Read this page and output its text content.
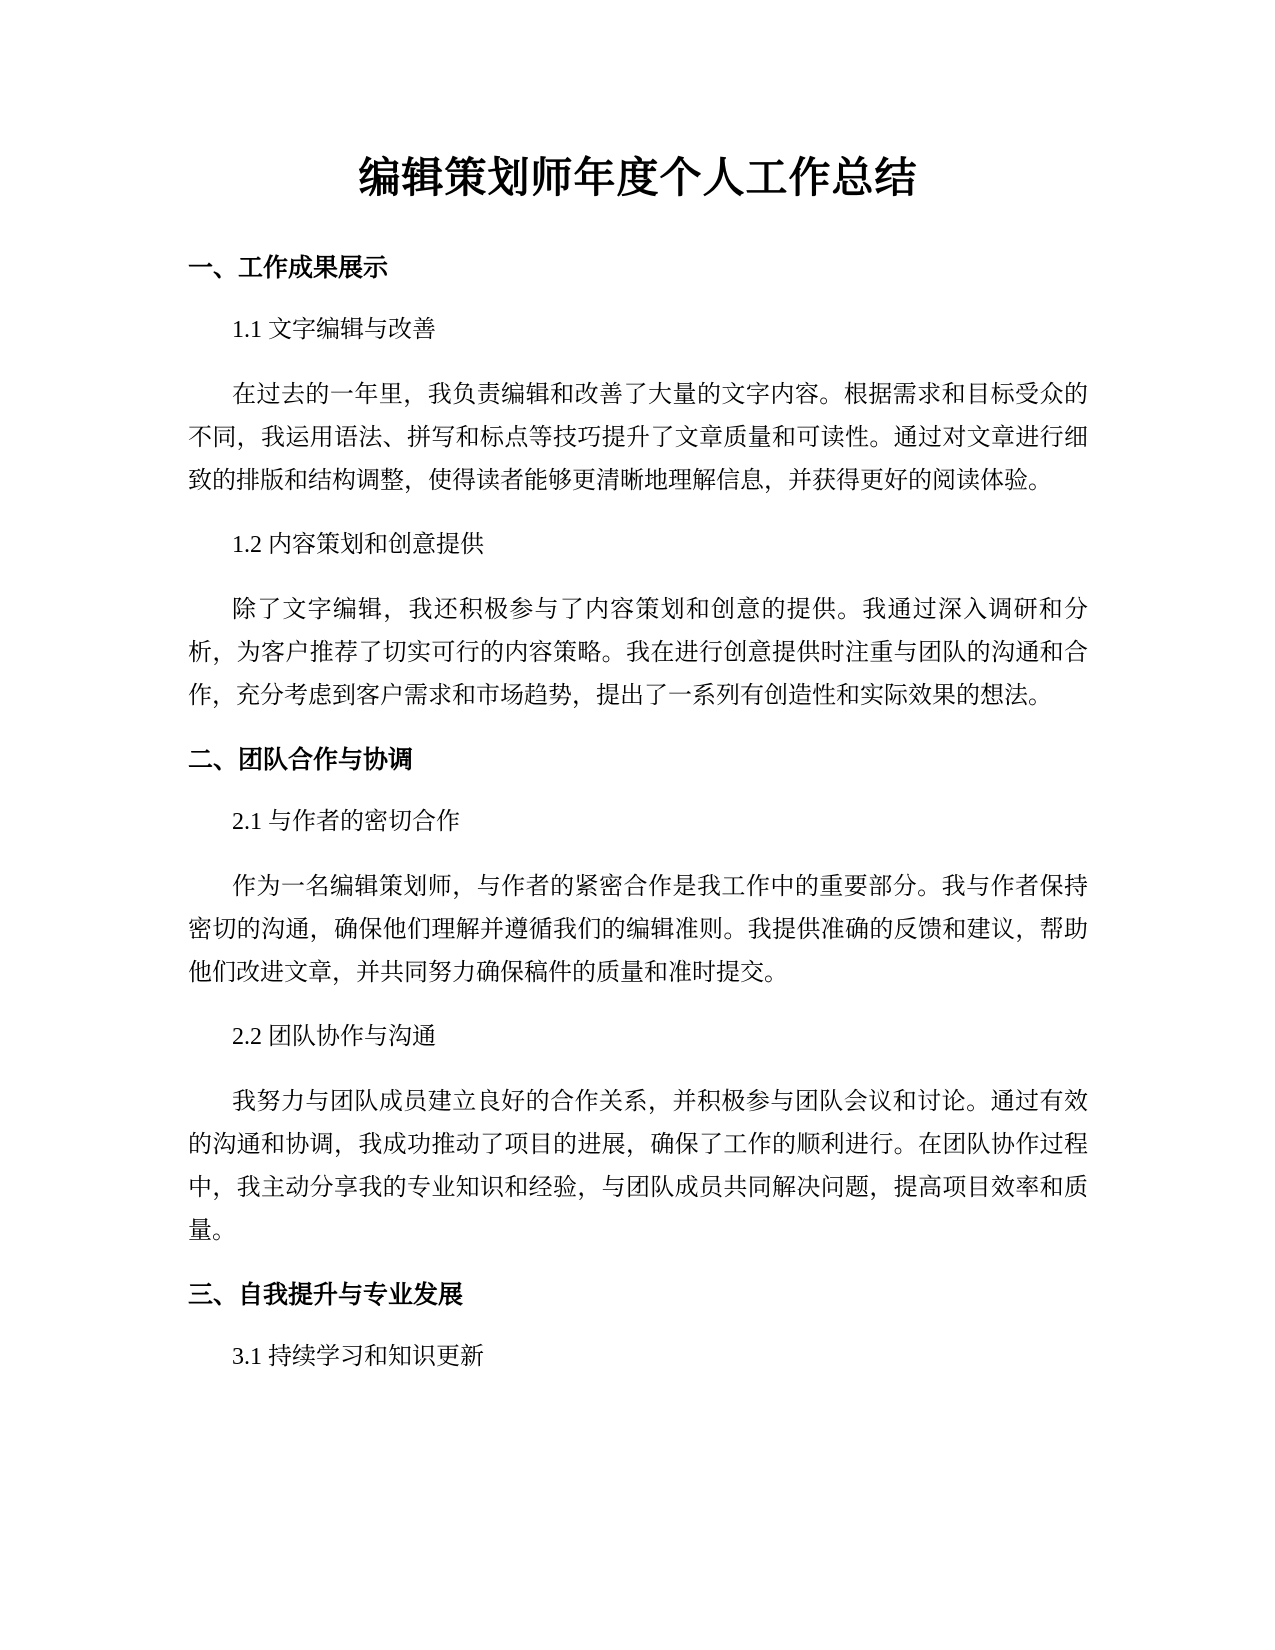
编辑策划师年度个人工作总结
一、工作成果展示
1.1 文字编辑与改善

在过去的一年里，我负责编辑和改善了大量的文字内容。根据需求和目标受众的不同，我运用语法、拼写和标点等技巧提升了文章质量和可读性。通过对文章进行细致的排版和结构调整，使得读者能够更清晰地理解信息，并获得更好的阅读体验。

1.2 内容策划和创意提供

除了文字编辑，我还积极参与了内容策划和创意的提供。我通过深入调研和分析，为客户推荐了切实可行的内容策略。我在进行创意提供时注重与团队的沟通和合作，充分考虑到客户需求和市场趋势，提出了一系列有创造性和实际效果的想法。

二、团队合作与协调
2.1 与作者的密切合作

作为一名编辑策划师，与作者的紧密合作是我工作中的重要部分。我与作者保持密切的沟通，确保他们理解并遵循我们的编辑准则。我提供准确的反馈和建议，帮助他们改进文章，并共同努力确保稿件的质量和准时提交。

2.2 团队协作与沟通

我努力与团队成员建立良好的合作关系，并积极参与团队会议和讨论。通过有效的沟通和协调，我成功推动了项目的进展，确保了工作的顺利进行。在团队协作过程中，我主动分享我的专业知识和经验，与团队成员共同解决问题，提高项目效率和质量。

三、自我提升与专业发展
3.1 持续学习和知识更新
